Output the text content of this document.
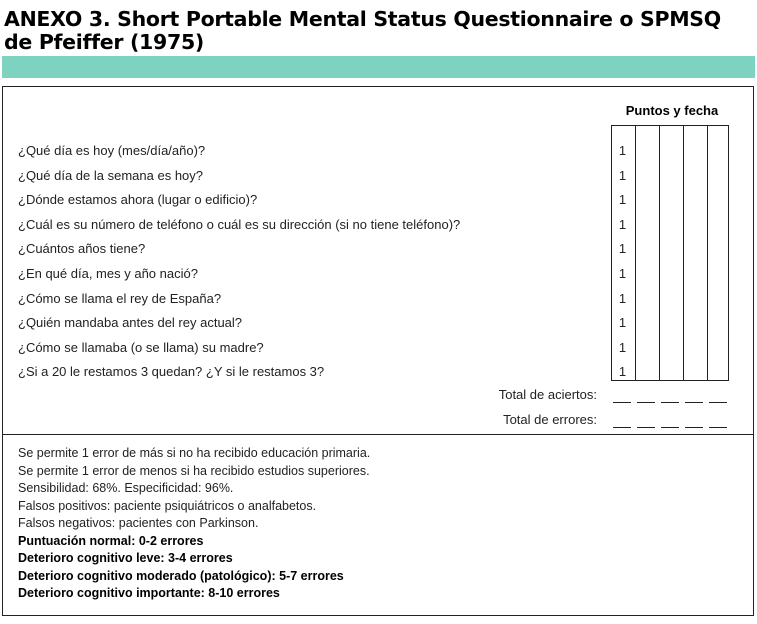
ANEXO 3. Short Portable Mental Status Questionnaire o SPMSQ
de Pfeiffer (1975)
Puntos y fecha
¿Qué día es hoy (mes/día/año)?	1
¿Qué día de la semana es hoy?	1
¿Dónde estamos ahora (lugar o edificio)?	1
¿Cuál es su número de teléfono o cuál es su dirección (si no tiene teléfono)?	1
¿Cuántos años tiene?	1
¿En qué día, mes y año nació?	1
¿Cómo se llama el rey de España?	1
¿Quién mandaba antes del rey actual?	1
¿Cómo se llamaba (o se llama) su madre?	1
¿Si a 20 le restamos 3 quedan? ¿Y si le restamos 3?	1
Total de aciertos:
Total de errores:
Se permite 1 error de más si no ha recibido educación primaria.
Se permite 1 error de menos si ha recibido estudios superiores.
Sensibilidad: 68%. Especificidad: 96%.
Falsos positivos: paciente psiquiátricos o analfabetos.
Falsos negativos: pacientes con Parkinson.
Puntuación normal: 0-2 errores
Deterioro cognitivo leve: 3-4 errores
Deterioro cognitivo moderado (patológico): 5-7 errores
Deterioro cognitivo importante: 8-10 errores
